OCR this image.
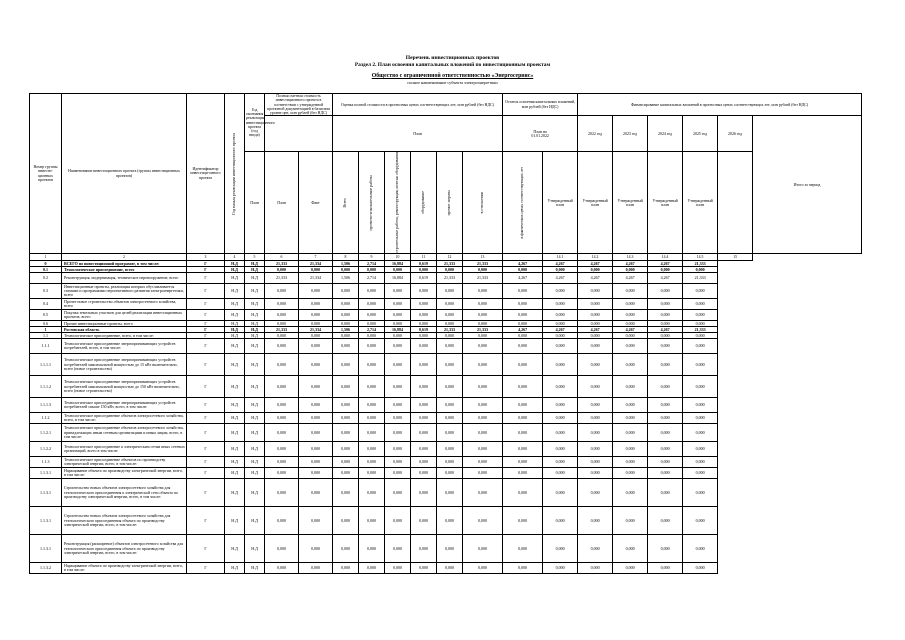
Перечень инвестиционных проектов
Раздел 2. План освоения капитальных вложений по инвестиционным проектам
Общество с ограниченной ответственностью «Энергосервис»
полное наименование субъекта электроэнергетики
Номер группы инвести-ционных проектов	Наименование инвестиционного проекта (группы инвестиционных проектов)	Идентификатор инвестици-онного проекта	Год начала реализации инвестиционного проекта	Год окончания реализации инвестиционного проекта (год ввода)	Полная сметная стоимость инвестиционного проекта в соответствии с утвержденной проектной документацией в базисном уровне цен, млн рублей (без НДС)		Оценка полной стоимости в прогнозных ценах соответствующих лет, млн рублей (без НДС)						Остаток освоения капитальных вложений, млн рублей (без НДС)		Финансирование капитальных вложений в прогнозных ценах соответствующих лет, млн рублей (без НДС)					
							План						План на
01.01.2022		2022 год	2023 год	2024 год	2025 год	2026 год	Итого за период
				План	План	Факт	Всего	проектно-изыскательские работы	строительные работы, реконструкция, монтаж оборудования	оборудование	прочие затраты	в отношении	в фактических ценах соответствующих лет	Утвержденный план	Утвержденный план	Утвержденный план	Утвержденный план	Утвержденный план		
1	2	3	4	5	6	7	8	9	10	11	12	13		14.1	14.2	14.3	14.4	14.5	15	
0	ВСЕГО по инвестиционной программе, в том числе:	Г	Н.Д	Н.Д	21,333	21,334	1,506	2,714	16,884	0,619	21,333	21,333	4,267	4,267	4,267	4,267	4,267	21,333		
0.1	Технологическое присоединение, всего	Г	Н.Д	Н.Д	0,000	0,000	0,000	0,000	0,000	0,000	0,000	0,000	0,000	0,000	0,000	0,000	0,000	0,000		
0.2	Реконструкция, модернизация, техническое перевооружение, всего	Г	Н.Д	Н.Д	21,333	21,334	1,506	2,714	16,884	0,619	21,333	21,333	4,267	4,267	4,267	4,267	4,267	21,333		
0.3	Инвестиционные проекты, реализация которых обуславливается схемами и программами перспективного развития электроэнергетики, всего	Г	Н.Д	Н.Д	0,000	0,000	0,000	0,000	0,000	0,000	0,000	0,000	0,000	0,000	0,000	0,000	0,000	0,000		
0.4	Прочее новое строительство объектов электросетевого хозяйства, всего	Г	Н.Д	Н.Д	0,000	0,000	0,000	0,000	0,000	0,000	0,000	0,000	0,000	0,000	0,000	0,000	0,000	0,000		
0.5	Покупка земельных участков для целей реализации инвестиционных проектов, всего	Г	Н.Д	Н.Д	0,000	0,000	0,000	0,000	0,000	0,000	0,000	0,000	0,000	0,000	0,000	0,000	0,000	0,000		
0.6	Прочие инвестиционные проекты, всего	Г	Н.Д	Н.Д	0,000	0,000	0,000	0,000	0,000	0,000	0,000	0,000	0,000	0,000	0,000	0,000	0,000	0,000		
1	Ростовская область	Г	Н.Д	Н.Д	21,333	21,334	1,506	2,714	16,884	0,619	21,333	21,333	4,267	4,267	4,267	4,267	4,267	21,333		
1.1	Технологическое присоединение, всего, в том числе:	Г	Н.Д	Н.Д	0,000	0,000	0,000	0,000	0,000	0,000	0,000	0,000	0,000	0,000	0,000	0,000	0,000	0,000		
1.1.1	Технологическое присоединение энергопринимающих устройств потребителей, всего, в том числе:	Г	Н.Д	Н.Д	0,000	0,000	0,000	0,000	0,000	0,000	0,000	0,000	0,000	0,000	0,000	0,000	0,000	0,000		
1.1.1.1	Технологическое присоединение энергопринимающих устройств потребителей максимальной мощностью до 15 кВт включительно, всего (новое строительство)	Г	Н.Д	Н.Д	0,000	0,000	0,000	0,000	0,000	0,000	0,000	0,000	0,000	0,000	0,000	0,000	0,000	0,000		
1.1.1.2	Технологическое присоединение энергопринимающих устройств потребителей максимальной мощностью до 150 кВт включительно, всего (новое строительство)	Г	Н.Д	Н.Д	0,000	0,000	0,000	0,000	0,000	0,000	0,000	0,000	0,000	0,000	0,000	0,000	0,000	0,000		
1.1.1.3	Технологическое присоединение энергопринимающих устройств потребителей свыше 150 кВт, всего, в том числе:	Г	Н.Д	Н.Д	0,000	0,000	0,000	0,000	0,000	0,000	0,000	0,000	0,000	0,000	0,000	0,000	0,000	0,000		
1.1.2	Технологическое присоединение объектов электросетевого хозяйства, всего, в том числе:	Г	Н.Д	Н.Д	0,000	0,000	0,000	0,000	0,000	0,000	0,000	0,000	0,000	0,000	0,000	0,000	0,000	0,000		
1.1.2.1	Технологическое присоединение объектов электросетевого хозяйства, принадлежащих иным сетевым организациям и иным лицам, всего, в том числе:	Г	Н.Д	Н.Д	0,000	0,000	0,000	0,000	0,000	0,000	0,000	0,000	0,000	0,000	0,000	0,000	0,000	0,000		
1.1.2.2	Технологическое присоединение к электрическим сетям иных сетевых организаций, всего в том числе:	Г	Н.Д	Н.Д	0,000	0,000	0,000	0,000	0,000	0,000	0,000	0,000	0,000	0,000	0,000	0,000	0,000	0,000		
1.1.3	Технологическое присоединение объектов по производству электрической энергии, всего, в том числе:	Г	Н.Д	Н.Д	0,000	0,000	0,000	0,000	0,000	0,000	0,000	0,000	0,000	0,000	0,000	0,000	0,000	0,000		
1.1.3.1	Наращивание объекта по производству электрической энергии, всего, в том числе:	Г	Н.Д	Н.Д	0,000	0,000	0,000	0,000	0,000	0,000	0,000	0,000	0,000	0,000	0,000	0,000	0,000	0,000		
1.1.3.1	Строительство новых объектов электросетевого хозяйства для технологического присоединения к электрической сети объекта по производству электрической энергии, всего, в том числе:	Г	Н.Д	Н.Д	0,000	0,000	0,000	0,000	0,000	0,000	0,000	0,000	0,000	0,000	0,000	0,000	0,000	0,000		
1.1.3.1	Строительство новых объектов электросетевого хозяйства для технологического присоединения объекта по производству электрической энергии, всего, в том числе:	Г	Н.Д	Н.Д	0,000	0,000	0,000	0,000	0,000	0,000	0,000	0,000	0,000	0,000	0,000	0,000	0,000	0,000		
1.1.3.1	Реконструкция (расширение) объектов электросетевого хозяйства для технологического присоединения объекта по производству электрической энергии, всего, в том числе:	Г	Н.Д	Н.Д	0,000	0,000	0,000	0,000	0,000	0,000	0,000	0,000	0,000	0,000	0,000	0,000	0,000	0,000		
1.1.3.2	Наращивание объекта по производству электрической энергии, всего, в том числе:	Г	Н.Д	Н.Д	0,000	0,000	0,000	0,000	0,000	0,000	0,000	0,000	0,000	0,000	0,000	0,000	0,000	0,000		
